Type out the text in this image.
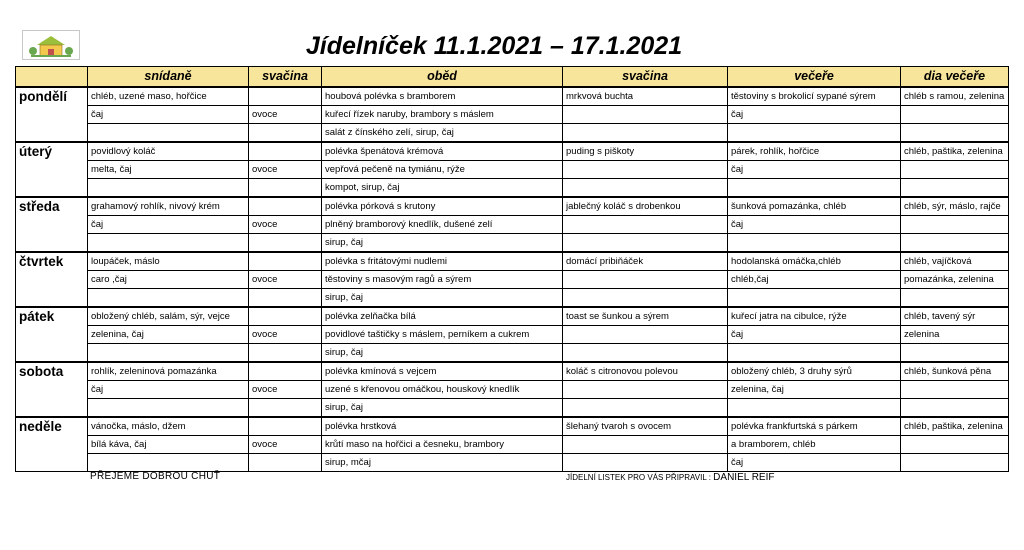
Jídelníček 11.1.2021 – 17.1.2021
	snídaně	svačina	oběd	svačina	večeře	dia večeře
pondělí	chléb, uzené maso, hořčice		houbová polévka s bramborem	mrkvová buchta	těstoviny s brokolicí sypané sýrem	chléb s ramou, zelenina
	čaj	ovoce	kuřecí řízek naruby, brambory s máslem		čaj	
			salát z čínského zelí, sirup, čaj			
úterý	povidlový koláč		polévka špenátová krémová	puding s piškoty	párek, rohlík, hořčice	chléb, paštika, zelenina
	melta, čaj	ovoce	vepřová pečeně na tymiánu, rýže		čaj	
			kompot, sirup, čaj			
středa	grahamový rohlík, nivový krém		polévka pórková s krutony	jablečný koláč s drobenkou	šunková pomazánka, chléb	chléb, sýr, máslo, rajče
	čaj	ovoce	plněný bramborový knedlík, dušené zelí		čaj	
			sirup, čaj			
čtvrtek	loupáček, máslo		polévka s fritátovými nudlemi	domácí pribiňáček	hodolanská omáčka,chléb	chléb, vajíčková
	caro ,čaj	ovoce	těstoviny s masovým ragů a sýrem		chléb,čaj	pomazánka, zelenina
			sirup, čaj			
pátek	obložený chléb, salám, sýr, vejce		polévka zelňačka bílá	toast se šunkou a sýrem	kuřecí jatra na cibulce, rýže	chléb, tavený sýr
	zelenina, čaj	ovoce	povidlové taštičky s máslem, perníkem a cukrem		čaj	zelenina
			sirup, čaj			
sobota	rohlík, zeleninová pomazánka		polévka kmínová s vejcem	koláč s citronovou polevou	obložený chléb, 3 druhy sýrů	chléb, šunková pěna
	čaj	ovoce	uzené s křenovou omáčkou, houskový knedlík		zelenina, čaj	
			sirup, čaj			
neděle	vánočka, máslo, džem		polévka hrstková	šlehaný tvaroh s ovocem	polévka frankfurtská s párkem	chléb, paštika, zelenina
	bílá káva, čaj	ovoce	krůtí maso na hořčici a česneku, brambory		a bramborem, chléb	
			sirup, mčaj		čaj	
PŘEJEME DOBROU CHUŤ	JÍDELNÍ LISTEK PRO VÁS PŘIPRAVIL : DANIEL REIF
